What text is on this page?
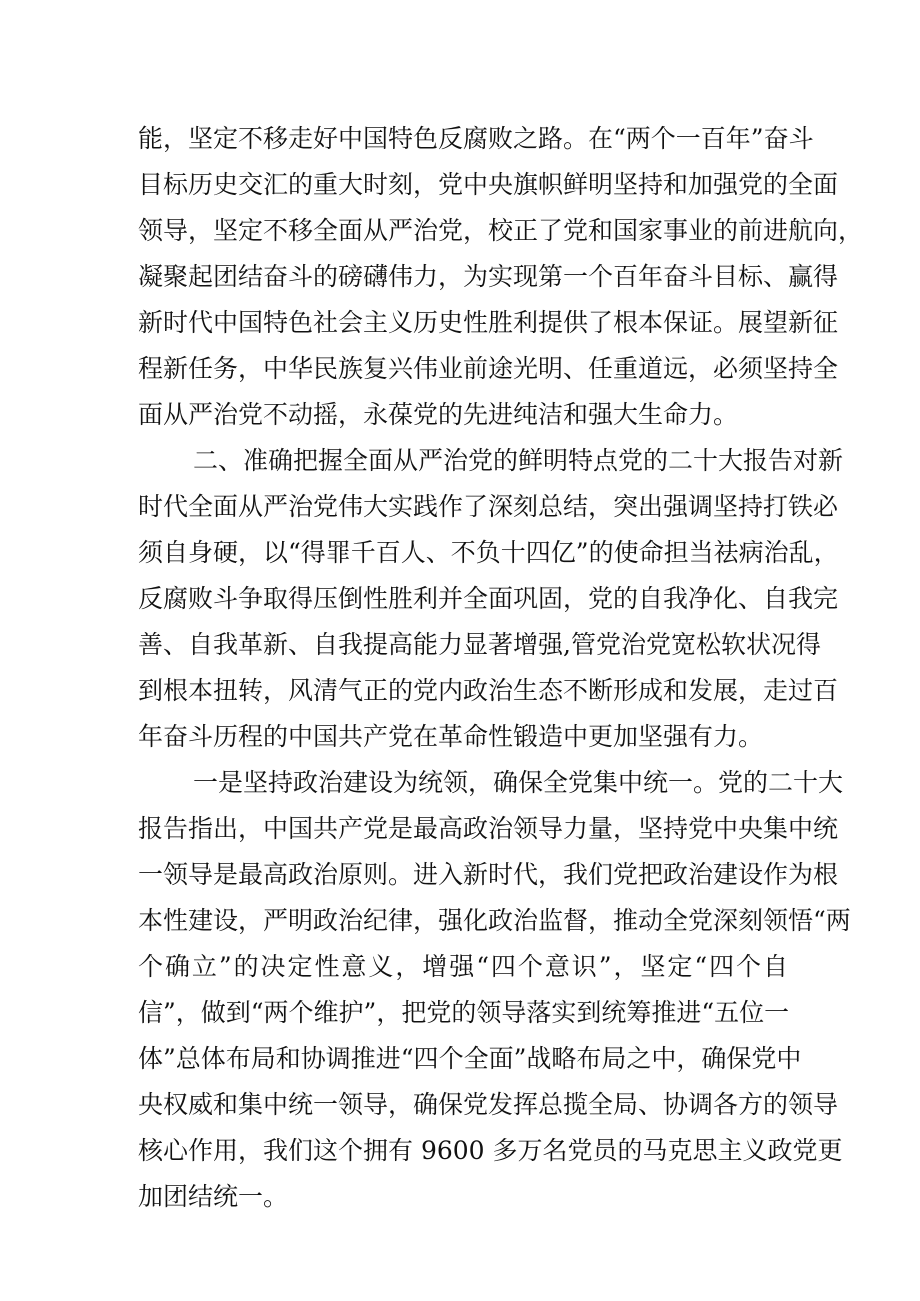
能，坚定不移走好中国特色反腐败之路。在“两个一百年”奋斗
目标历史交汇的重大时刻，党中央旗帜鲜明坚持和加强党的全面
领导，坚定不移全面从严治党，校正了党和国家事业的前进航向，
凝聚起团结奋斗的磅礴伟力，为实现第一个百年奋斗目标、赢得
新时代中国特色社会主义历史性胜利提供了根本保证。展望新征
程新任务，中华民族复兴伟业前途光明、任重道远，必须坚持全
面从严治党不动摇，永葆党的先进纯洁和强大生命力。
二、准确把握全面从严治党的鲜明特点党的二十大报告对新
时代全面从严治党伟大实践作了深刻总结，突出强调坚持打铁必
须自身硬，以“得罪千百人、不负十四亿”的使命担当祛病治乱，
反腐败斗争取得压倒性胜利并全面巩固，党的自我净化、自我完
善、自我革新、自我提高能力显著增强,管党治党宽松软状况得
到根本扭转，风清气正的党内政治生态不断形成和发展，走过百
年奋斗历程的中国共产党在革命性锻造中更加坚强有力。
一是坚持政治建设为统领，确保全党集中统一。党的二十大
报告指出，中国共产党是最高政治领导力量，坚持党中央集中统
一领导是最高政治原则。进入新时代，我们党把政治建设作为根
本性建设，严明政治纪律，强化政治监督，推动全党深刻领悟“两
个确立”的决定性意义，增强“四个意识”，坚定“四个自
信”，做到“两个维护”，把党的领导落实到统筹推进“五位一
体”总体布局和协调推进“四个全面”战略布局之中，确保党中
央权威和集中统一领导，确保党发挥总揽全局、协调各方的领导
核心作用，我们这个拥有 9600 多万名党员的马克思主义政党更
加团结统一。
